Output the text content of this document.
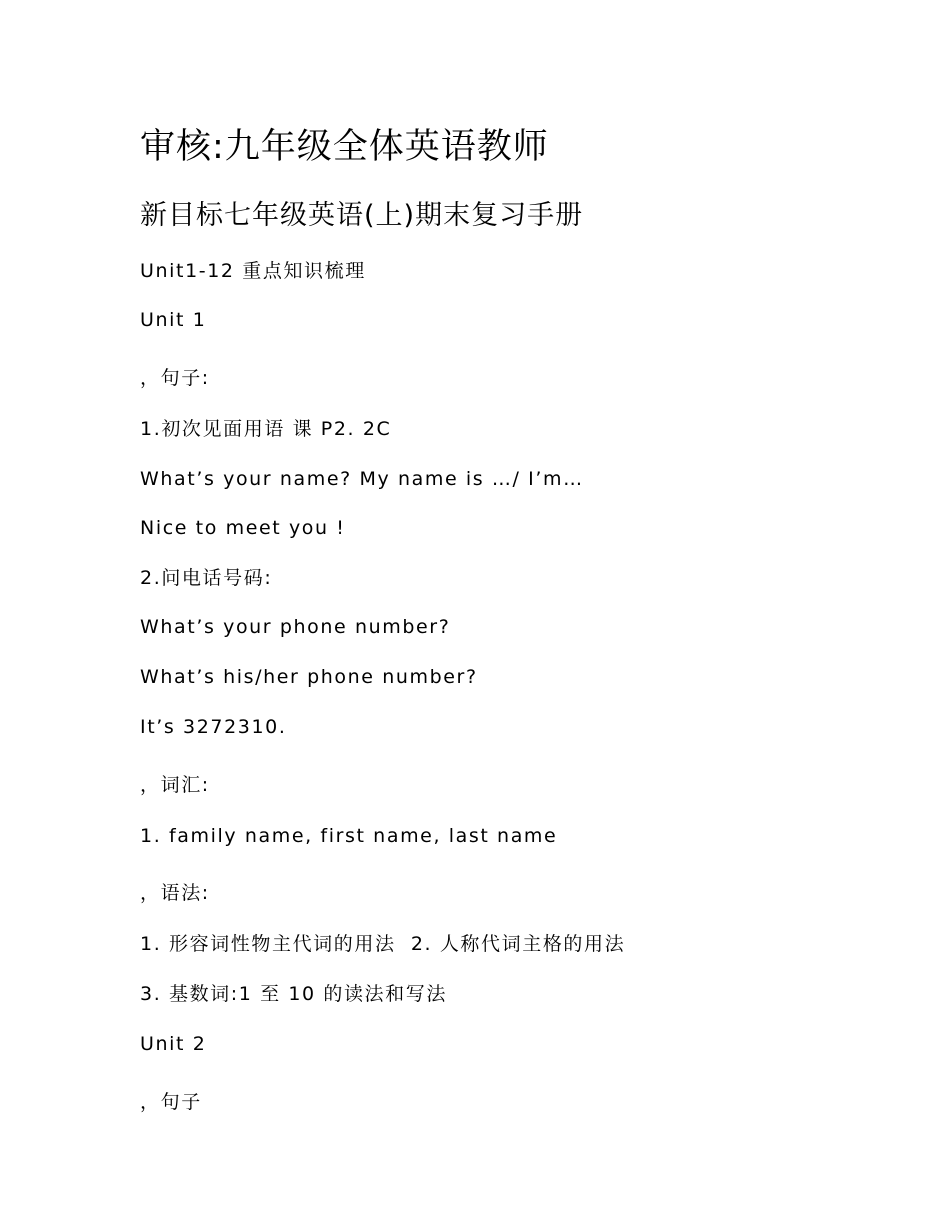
审核:九年级全体英语教师
新目标七年级英语(上)期末复习手册
Unit1-12 重点知识梳理
Unit 1
，句子:
1.初次见面用语 课 P2. 2C
What’s your name? My name is …/ I’m…
Nice to meet you !
2.问电话号码:
What’s your phone number?
What’s his/her phone number?
It’s 3272310.
，词汇:
1. family name, first name, last name
，语法:
1. 形容词性物主代词的用法  2. 人称代词主格的用法
3. 基数词:1 至 10 的读法和写法
Unit 2
，句子
